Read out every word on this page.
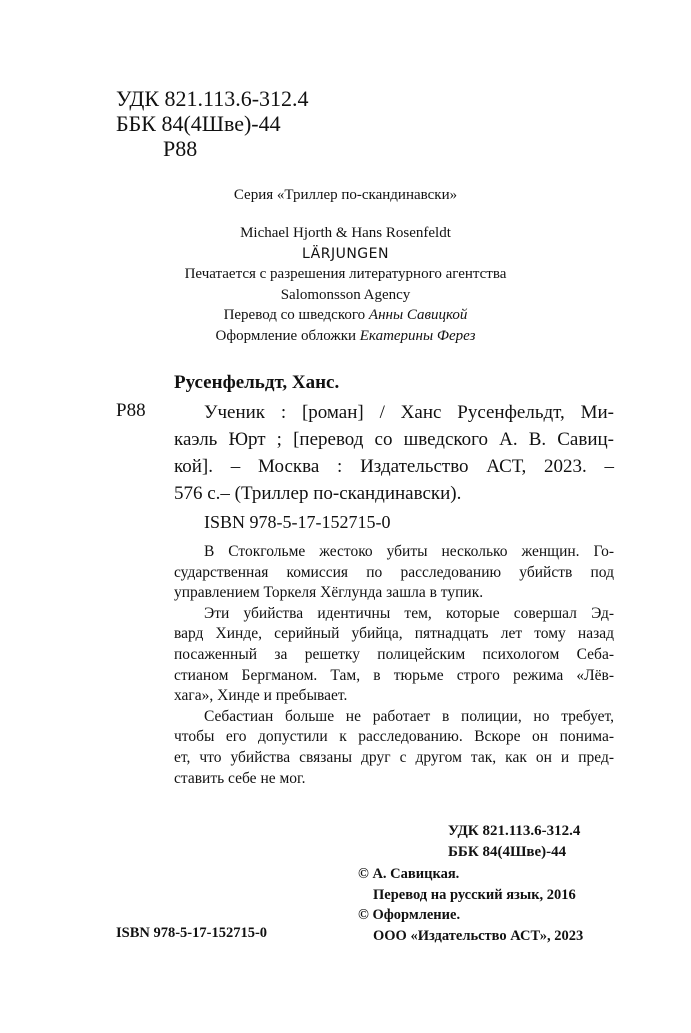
УДК 821.113.6-312.4
ББК 84(4Шве)-44
Р88
Серия «Триллер по-скандинавски»
Michael Hjorth & Hans Rosenfeldt
LÄRJUNGEN
Печатается с разрешения литературного агентства
Salomonsson Agency
Перевод со шведского Анны Савицкой
Оформление обложки Екатерины Ферез
Русенфельдт, Ханс.
Р88	Ученик : [роман] / Ханс Русенфельдт, Ми-
каэль Юрт ; [перевод со шведского А. В. Савиц-
кой]. – Москва : Издательство АСТ, 2023. –
576 с.– (Триллер по-скандинавски).
ISBN 978-5-17-152715-0
В Стокгольме жестоко убиты несколько женщин. Го-
сударственная комиссия по расследованию убийств под
управлением Торкеля Хёглунда зашла в тупик.
Эти убийства идентичны тем, которые совершал Эд-
вард Хинде, серийный убийца, пятнадцать лет тому назад
посаженный за решетку полицейским психологом Себа-
стианом Бергманом. Там, в тюрьме строго режима «Лёв-
хага», Хинде и пребывает.
Себастиан больше не работает в полиции, но требует,
чтобы его допустили к расследованию. Вскоре он понима-
ет, что убийства связаны друг с другом так, как он и пред-
ставить себе не мог.
УДК 821.113.6-312.4
ББК 84(4Шве)-44
© А. Савицкая.
Перевод на русский язык, 2016
© Оформление.
ООО «Издательство АСТ», 2023
ISBN 978-5-17-152715-0
